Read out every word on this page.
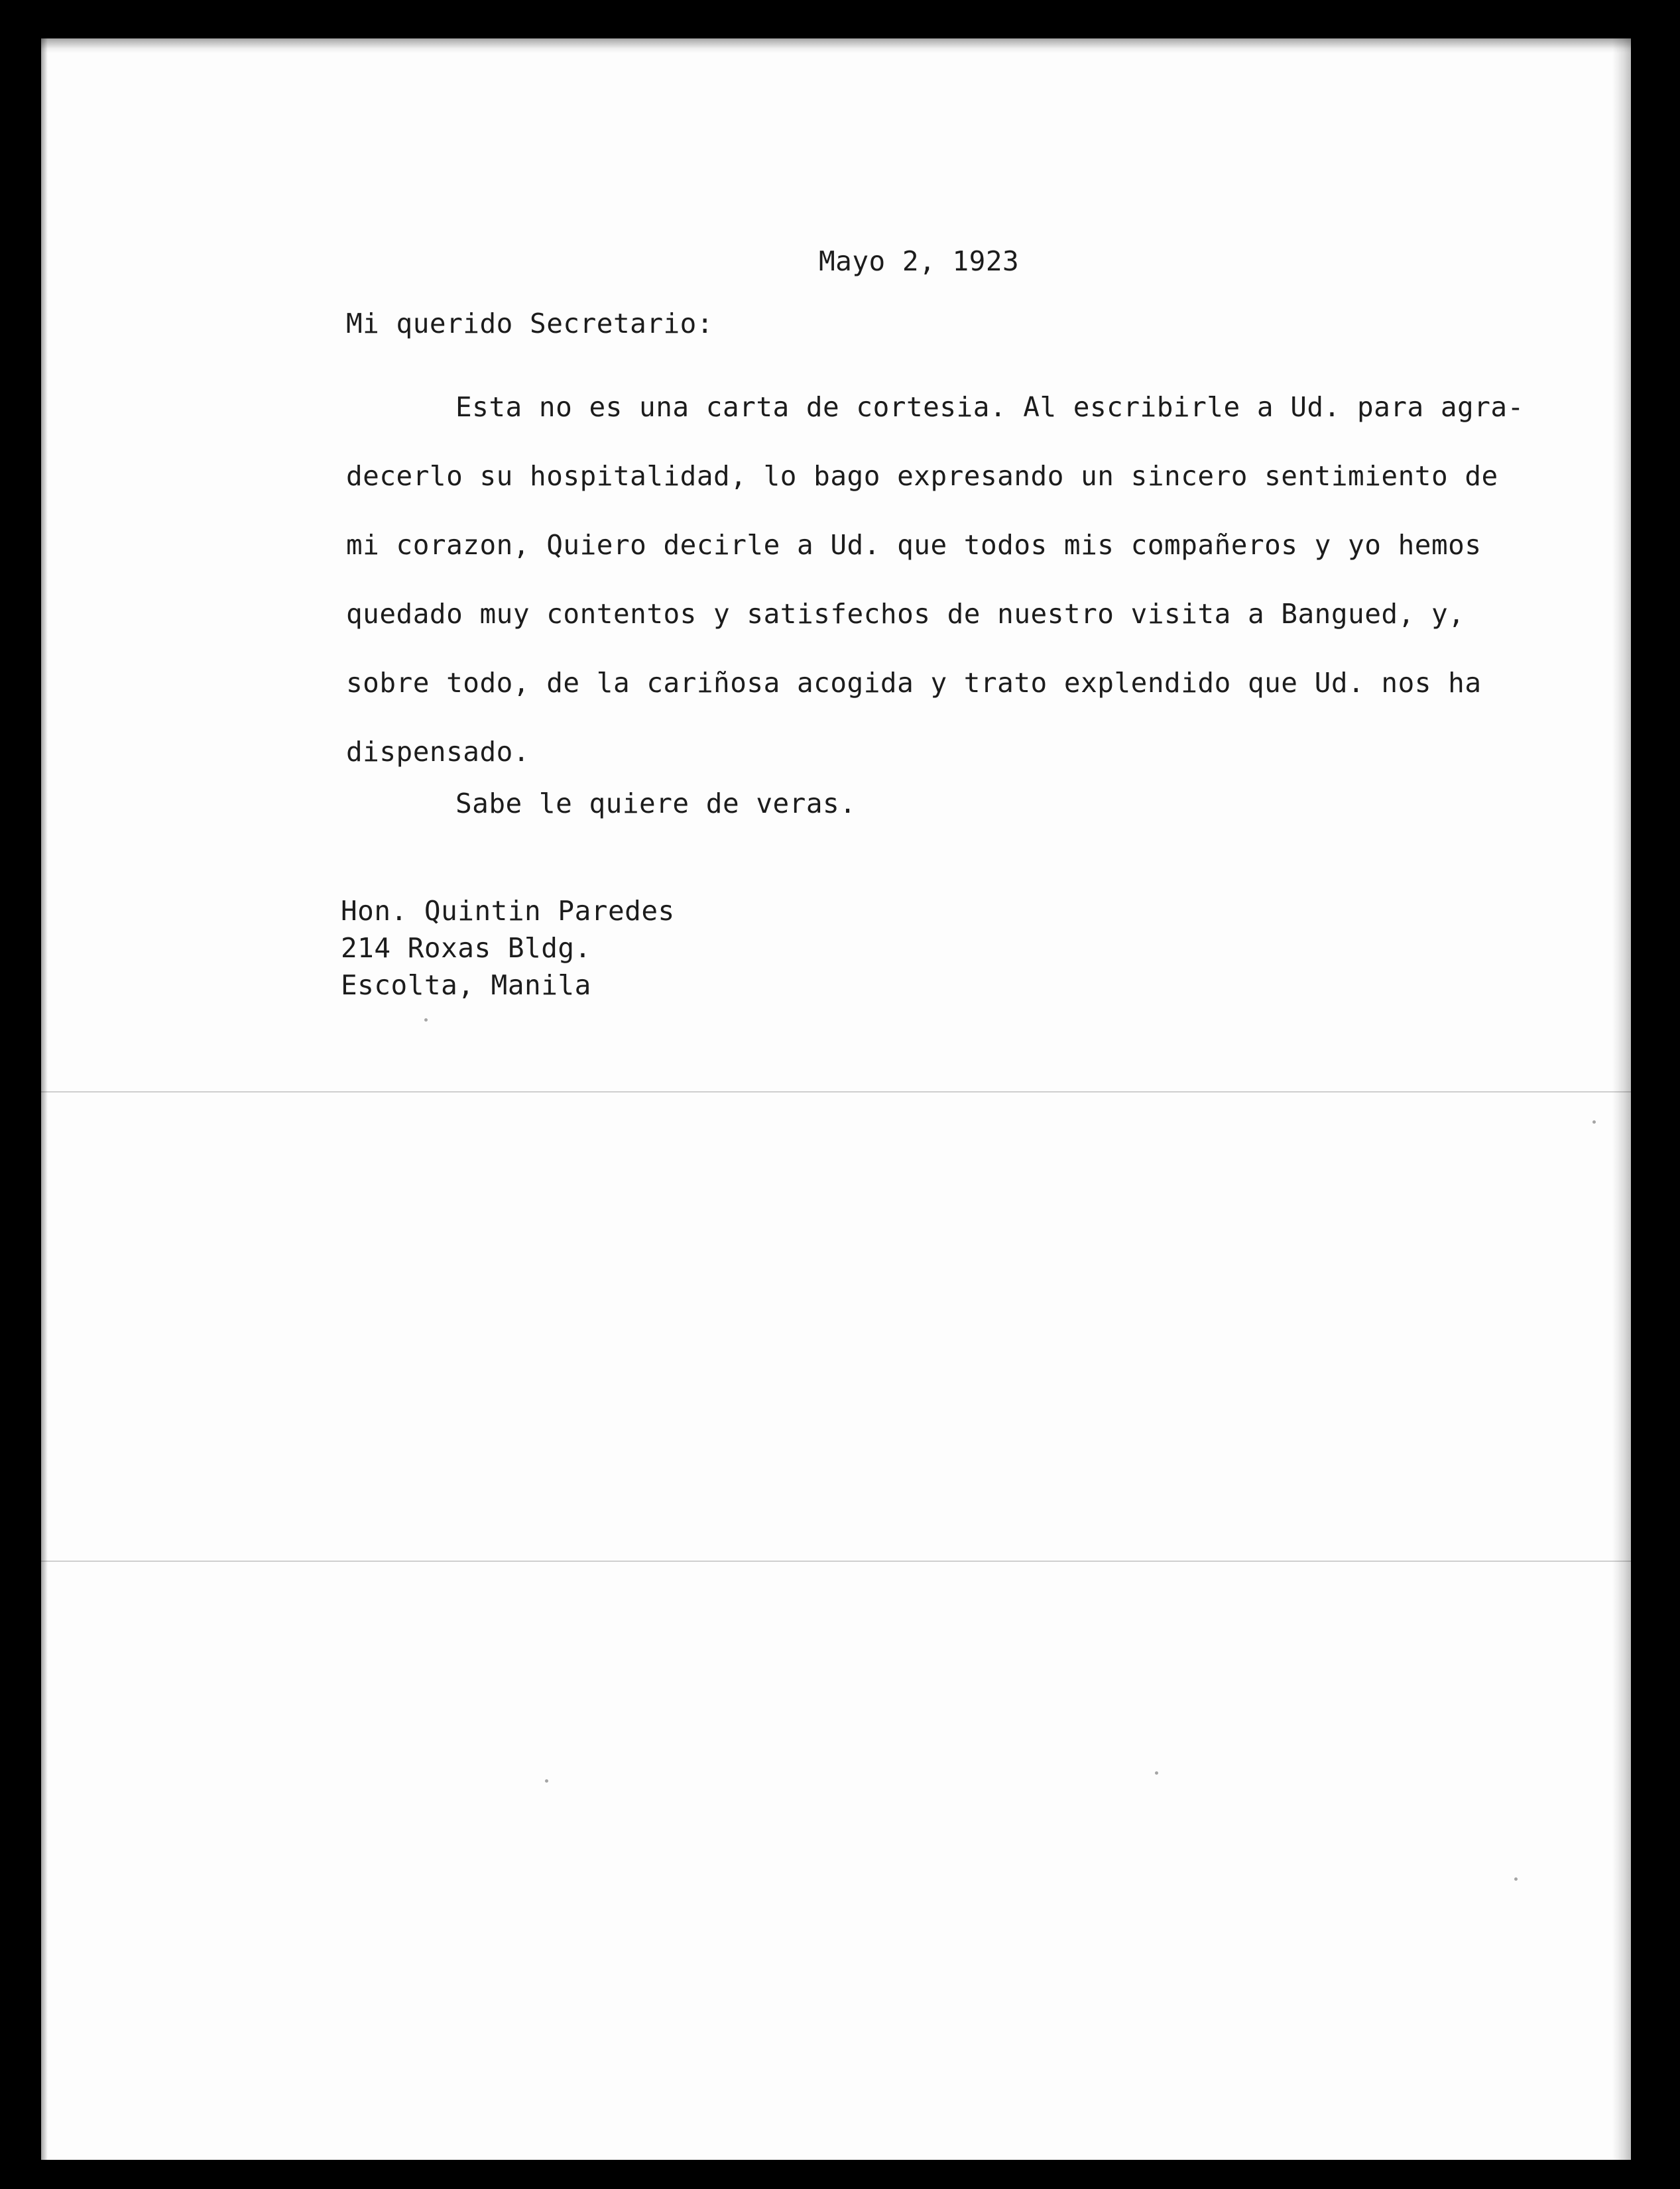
Mayo 2, 1923
Mi querido Secretario:
Esta no es una carta de cortesia. Al escribirle a Ud. para agra-
decerlo su hospitalidad, lo bago expresando un sincero sentimiento de
mi corazon, Quiero decirle a Ud. que todos mis compañeros y yo hemos
quedado muy contentos y satisfechos de nuestro visita a Bangued, y,
sobre todo, de la cariñosa acogida y trato explendido que Ud. nos ha
dispensado.
Sabe le quiere de veras.
Hon. Quintin Paredes
214 Roxas Bldg.
Escolta, Manila
